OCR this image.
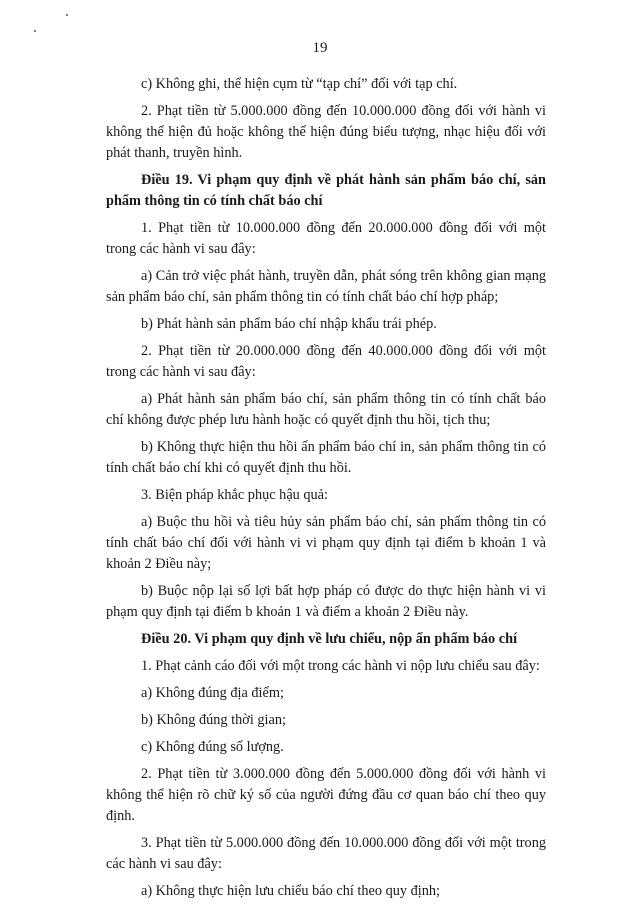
19

c) Không ghi, thể hiện cụm từ “tạp chí” đối với tạp chí.

2. Phạt tiền từ 5.000.000 đồng đến 10.000.000 đồng đối với hành vi không thể hiện đủ hoặc không thể hiện đúng biểu tượng, nhạc hiệu đối với phát thanh, truyền hình.

Điều 19. Vi phạm quy định về phát hành sản phẩm báo chí, sản phẩm thông tin có tính chất báo chí

1. Phạt tiền từ 10.000.000 đồng đến 20.000.000 đồng đối với một trong các hành vi sau đây:

a) Cản trở việc phát hành, truyền dẫn, phát sóng trên không gian mạng sản phẩm báo chí, sản phẩm thông tin có tính chất báo chí hợp pháp;

b) Phát hành sản phẩm báo chí nhập khẩu trái phép.

2. Phạt tiền từ 20.000.000 đồng đến 40.000.000 đồng đối với một trong các hành vi sau đây:

a) Phát hành sản phẩm báo chí, sản phẩm thông tin có tính chất báo chí không được phép lưu hành hoặc có quyết định thu hồi, tịch thu;

b) Không thực hiện thu hồi ấn phẩm báo chí in, sản phẩm thông tin có tính chất báo chí khi có quyết định thu hồi.

3. Biện pháp khắc phục hậu quả:

a) Buộc thu hồi và tiêu hủy sản phẩm báo chí, sản phẩm thông tin có tính chất báo chí đối với hành vi vi phạm quy định tại điểm b khoản 1 và khoản 2 Điều này;

b) Buộc nộp lại số lợi bất hợp pháp có được do thực hiện hành vi vi phạm quy định tại điểm b khoản 1 và điểm a khoản 2 Điều này.

Điều 20. Vi phạm quy định về lưu chiểu, nộp ấn phẩm báo chí

1. Phạt cảnh cáo đối với một trong các hành vi nộp lưu chiểu sau đây:

a) Không đúng địa điểm;

b) Không đúng thời gian;

c) Không đúng số lượng.

2. Phạt tiền từ 3.000.000 đồng đến 5.000.000 đồng đối với hành vi không thể hiện rõ chữ ký số của người đứng đầu cơ quan báo chí theo quy định.

3. Phạt tiền từ 5.000.000 đồng đến 10.000.000 đồng đối với một trong các hành vi sau đây:

a) Không thực hiện lưu chiểu báo chí theo quy định;
